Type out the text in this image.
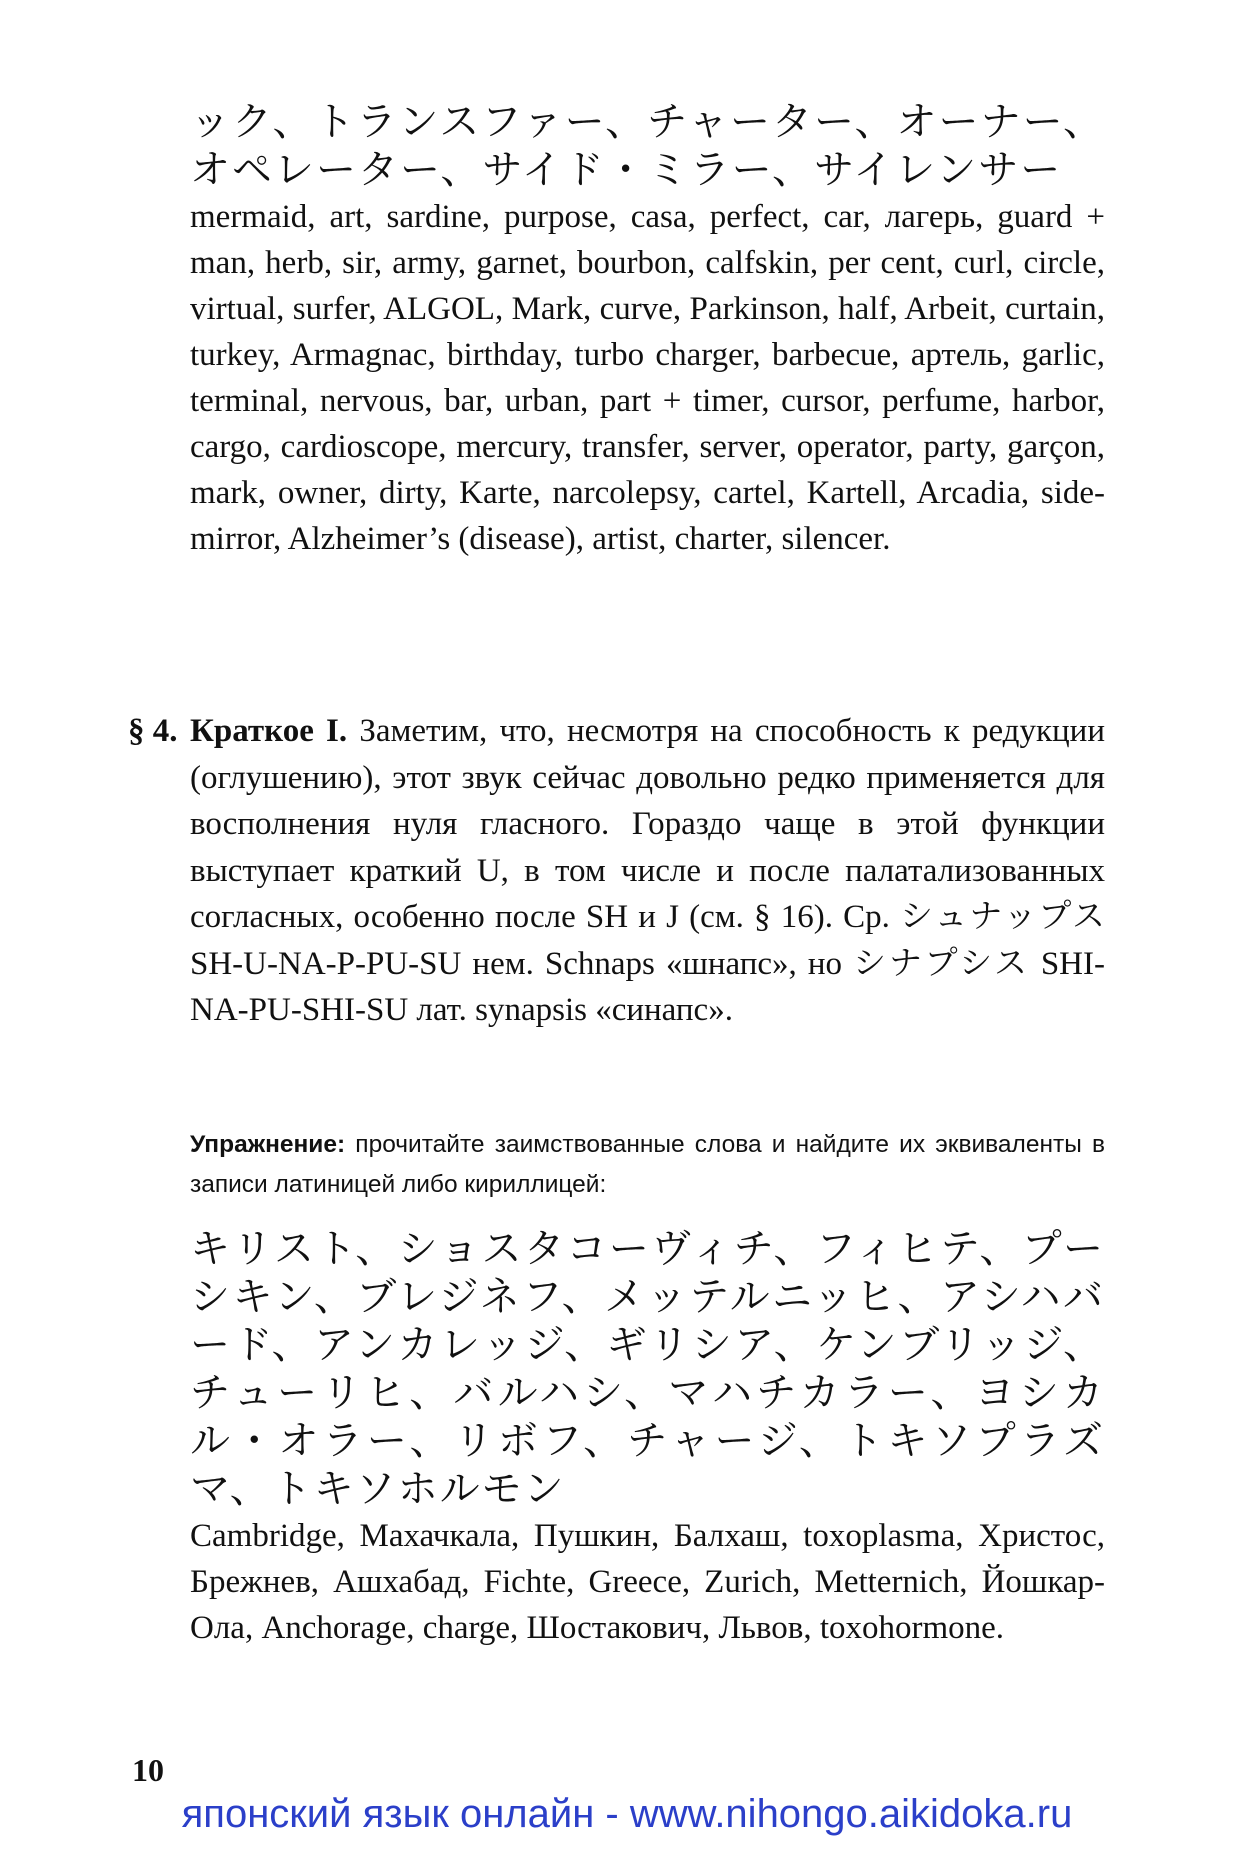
ック、トランスファー、チャーター、オーナー、オペレーター、サイド・ミラー、サイレンサー
mermaid, art, sardine, purpose, casa, perfect, car, лагерь, guard + man, herb, sir, army, garnet, bourbon, calfskin, per cent, curl, circle, virtual, surfer, ALGOL, Mark, curve, Parkinson, half, Arbeit, curtain, turkey, Armagnac, birthday, turbo charger, barbecue, артель, garlic, terminal, nervous, bar, urban, part + timer, cursor, perfume, harbor, cargo, cardioscope, mercury, transfer, server, operator, party, garçon, mark, owner, dirty, Karte, narcolepsy, cartel, Kartell, Arcadia, side-mirror, Alzheimer’s (disease), artist, charter, silencer.
§ 4. Краткое I. Заметим, что, несмотря на способность к редукции (оглушению), этот звук сейчас довольно редко применяется для восполнения нуля гласного. Гораздо чаще в этой функции выступает краткий U, в том числе и после палатализованных согласных, особенно после SH и J (см. § 16). Ср. シュナップス SH-U-NA-P-PU-SU нем. Schnaps «шнапс», но シナプシス SHI-NA-PU-SHI-SU лат. synapsis «синапс».
Упражнение: прочитайте заимствованные слова и найдите их эквиваленты в записи латиницей либо кириллицей:
キリスト、ショスタコーヴィチ、フィヒテ、プーシキン、ブレジネフ、メッテルニッヒ、アシハバード、アンカレッジ、ギリシア、ケンブリッジ、チューリヒ、バルハシ、マハチカラー、ヨシカル・オラー、リボフ、チャージ、トキソプラズマ、トキソホルモン
Cambridge, Махачкала, Пушкин, Балхаш, toxoplasma, Христос, Брежнев, Ашхабад, Fichte, Greece, Zurich, Metternich, Йошкар-Ола, Anchorage, charge, Шостакович, Львов, toxohormone.
10
японский язык онлайн - www.nihongo.aikidoka.ru
